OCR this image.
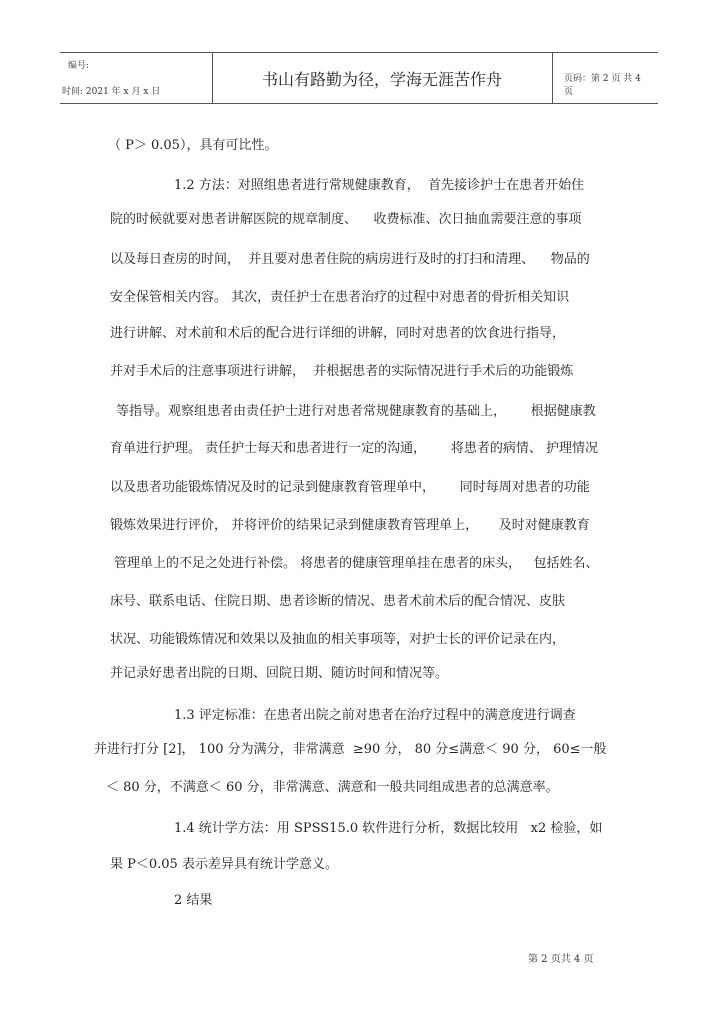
编号:
时间: 2021 年 x 月 x 日
书山有路勤为径，学海无涯苦作舟	页码：第 2 页 共 4
页
（ P＞ 0.05），具有可比性。
1.2 方法：对照组患者进行常规健康教育，  首先接诊护士在患者开始住
院的时候就要对患者讲解医院的规章制度、    收费标准、次日抽血需要注意的事项
以及每日查房的时间，  并且要对患者住院的病房进行及时的打扫和清理、    物品的
安全保管相关内容。 其次，责任护士在患者治疗的过程中对患者的骨折相关知识
进行讲解、对术前和术后的配合进行详细的讲解，同时对患者的饮食进行指导，
并对手术后的注意事项进行讲解，  并根据患者的实际情况进行手术后的功能锻炼
等指导。观察组患者由责任护士进行对患者常规健康教育的基础上，      根据健康教
育单进行护理。 责任护士每天和患者进行一定的沟通，      将患者的病情、 护理情况
以及患者功能锻炼情况及时的记录到健康教育管理单中，      同时每周对患者的功能
锻炼效果进行评价， 并将评价的结果记录到健康教育管理单上，     及时对健康教育
管理单上的不足之处进行补偿。 将患者的健康管理单挂在患者的床头，   包括姓名、
床号、联系电话、住院日期、患者诊断的情况、患者术前术后的配合情况、皮肤
状况、功能锻炼情况和效果以及抽血的相关事项等，对护士长的评价记录在内，
并记录好患者出院的日期、回院日期、随访时间和情况等。
1.3 评定标准：在患者出院之前对患者在治疗过程中的满意度进行调查
并进行打分 [2]， 100 分为满分，非常满意  ≥90 分， 80 分≤满意＜ 90 分， 60≤一般
＜ 80 分，不满意＜ 60 分，非常满意、满意和一般共同组成患者的总满意率。
1.4 统计学方法：用 SPSS15.0 软件进行分析，数据比较用   x2 检验，如
果 P＜0.05 表示差异具有统计学意义。
2 结果
第 2 页共 4 页
